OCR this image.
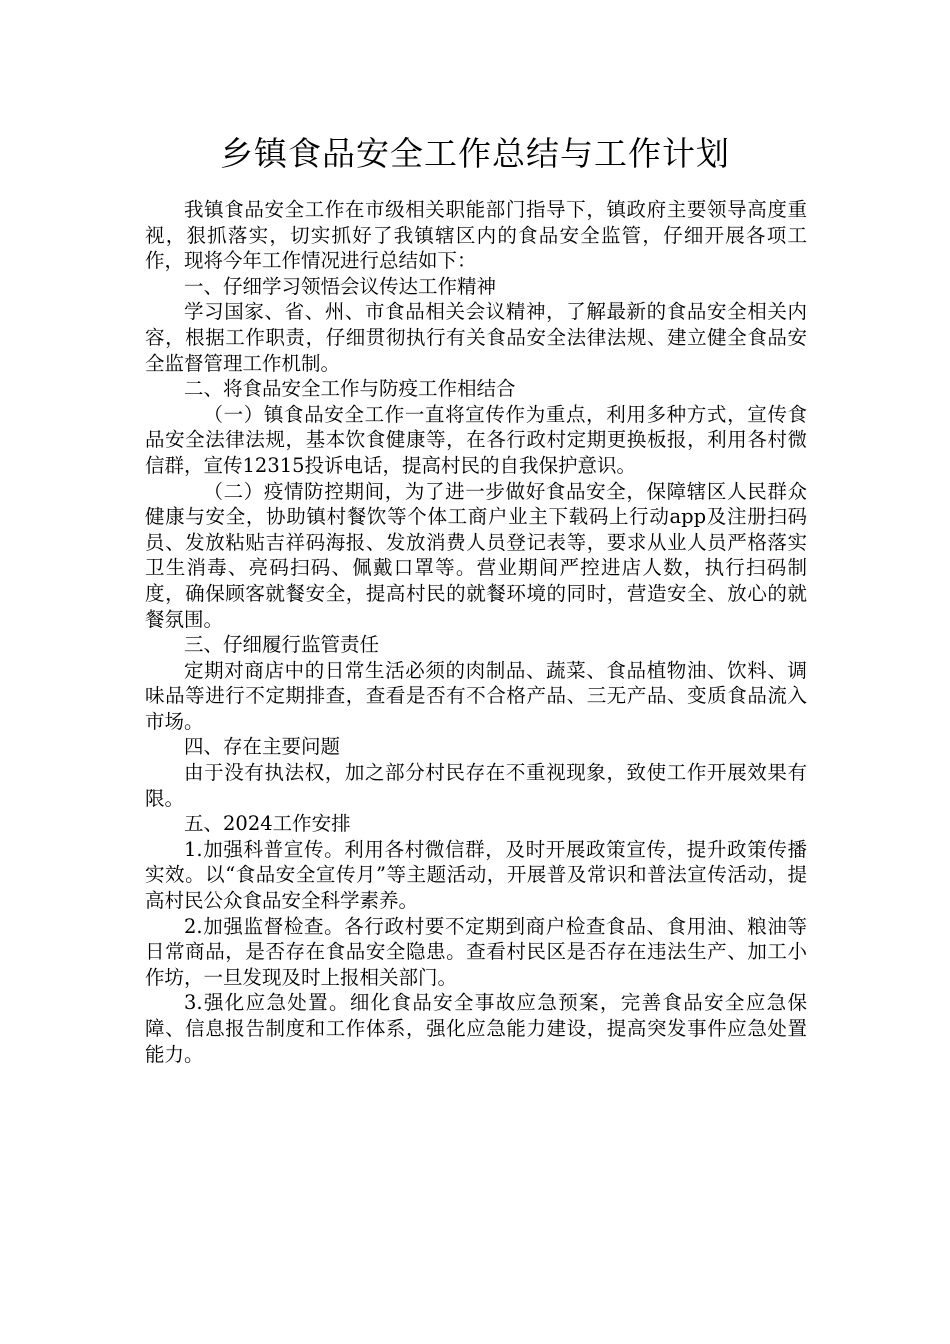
乡镇食品安全工作总结与工作计划

我镇食品安全工作在市级相关职能部门指导下，镇政府主要领导高度重视，狠抓落实，切实抓好了我镇辖区内的食品安全监管，仔细开展各项工作，现将今年工作情况进行总结如下：

一、仔细学习领悟会议传达工作精神

学习国家、省、州、市食品相关会议精神，了解最新的食品安全相关内容，根据工作职责，仔细贯彻执行有关食品安全法律法规、建立健全食品安全监督管理工作机制。

二、将食品安全工作与防疫工作相结合

（一）镇食品安全工作一直将宣传作为重点，利用多种方式，宣传食品安全法律法规，基本饮食健康等，在各行政村定期更换板报，利用各村微信群，宣传12315投诉电话，提高村民的自我保护意识。

（二）疫情防控期间，为了进一步做好食品安全，保障辖区人民群众健康与安全，协助镇村餐饮等个体工商户业主下载码上行动app及注册扫码员、发放粘贴吉祥码海报、发放消费人员登记表等，要求从业人员严格落实卫生消毒、亮码扫码、佩戴口罩等。营业期间严控进店人数，执行扫码制度，确保顾客就餐安全，提高村民的就餐环境的同时，营造安全、放心的就餐氛围。

三、仔细履行监管责任

定期对商店中的日常生活必须的肉制品、蔬菜、食品植物油、饮料、调味品等进行不定期排查，查看是否有不合格产品、三无产品、变质食品流入市场。

四、存在主要问题

由于没有执法权，加之部分村民存在不重视现象，致使工作开展效果有限。

五、2024工作安排

1.加强科普宣传。利用各村微信群，及时开展政策宣传，提升政策传播实效。以“食品安全宣传月”等主题活动，开展普及常识和普法宣传活动，提高村民公众食品安全科学素养。

2.加强监督检查。各行政村要不定期到商户检查食品、食用油、粮油等日常商品，是否存在食品安全隐患。查看村民区是否存在违法生产、加工小作坊，一旦发现及时上报相关部门。

3.强化应急处置。细化食品安全事故应急预案，完善食品安全应急保障、信息报告制度和工作体系，强化应急能力建设，提高突发事件应急处置能力。
